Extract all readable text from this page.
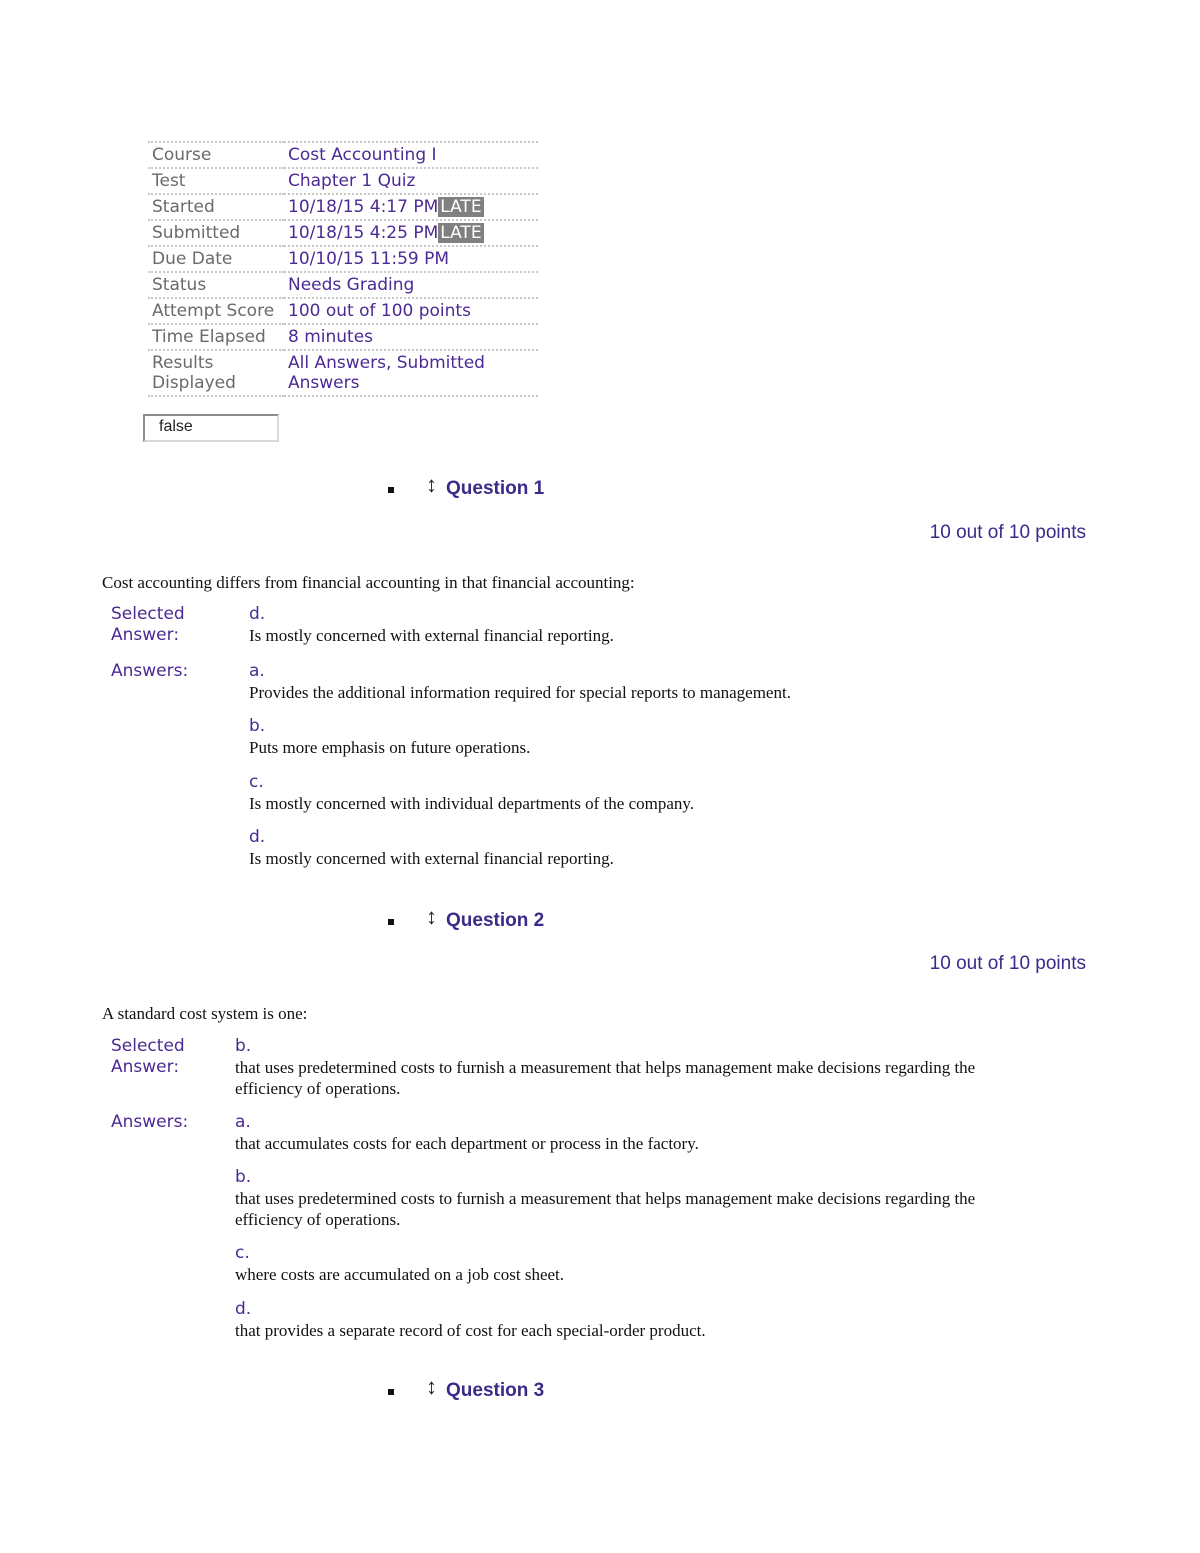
Course	Cost Accounting I
Test	Chapter 1 Quiz
Started	10/18/15 4:17 PM LATE
Submitted	10/18/15 4:25 PM LATE
Due Date	10/10/15 11:59 PM
Status	Needs Grading
Attempt Score	100 out of 100 points
Time Elapsed	8 minutes
Results Displayed	All Answers, Submitted Answers
false
↕ Question 1
10 out of 10 points
Cost accounting differs from financial accounting in that financial accounting:
Selected Answer:
d.
Is mostly concerned with external financial reporting.
Answers:	a.
Provides the additional information required for special reports to management.
b.
Puts more emphasis on future operations.
c.
Is mostly concerned with individual departments of the company.
d.
Is mostly concerned with external financial reporting.
↕ Question 2
10 out of 10 points
A standard cost system is one:
Selected Answer:
b.
that uses predetermined costs to furnish a measurement that helps management make decisions regarding the efficiency of operations.
Answers:	a.
that accumulates costs for each department or process in the factory.
b.
that uses predetermined costs to furnish a measurement that helps management make decisions regarding the efficiency of operations.
c.
where costs are accumulated on a job cost sheet.
d.
that provides a separate record of cost for each special-order product.
↕ Question 3
